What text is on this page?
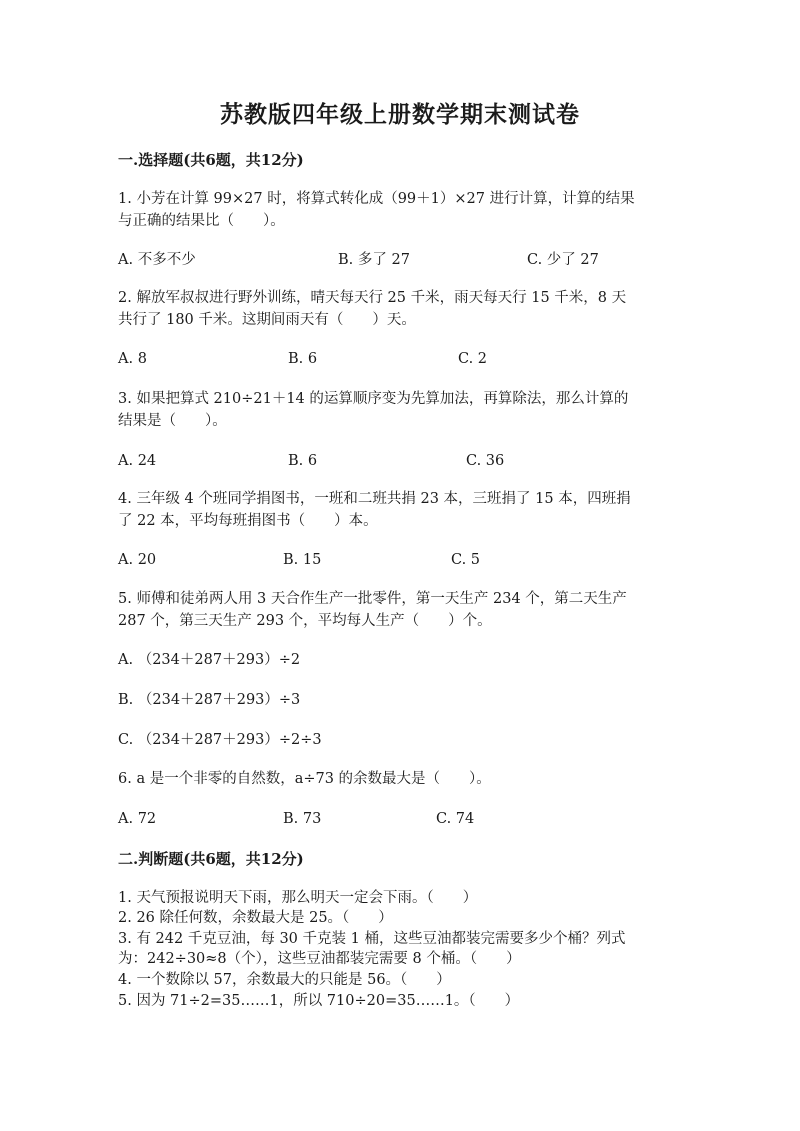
苏教版四年级上册数学期末测试卷
一.选择题(共6题，共12分)
1. 小芳在计算 99×27 时，将算式转化成（99＋1）×27 进行计算，计算的结果
与正确的结果比（　　）。
A. 不多不少	B. 多了 27	C. 少了 27
2. 解放军叔叔进行野外训练，晴天每天行 25 千米，雨天每天行 15 千米，8 天
共行了 180 千米。这期间雨天有（　　）天。
A. 8	B. 6	C. 2
3. 如果把算式 210÷21＋14 的运算顺序变为先算加法，再算除法，那么计算的
结果是（　　）。
A. 24	B. 6	C. 36
4. 三年级 4 个班同学捐图书，一班和二班共捐 23 本，三班捐了 15 本，四班捐
了 22 本，平均每班捐图书（　　）本。
A. 20	B. 15	C. 5
5. 师傅和徒弟两人用 3 天合作生产一批零件，第一天生产 234 个，第二天生产
287 个，第三天生产 293 个，平均每人生产（　　）个。
A. （234＋287＋293）÷2
B. （234＋287＋293）÷3
C. （234＋287＋293）÷2÷3
6. a 是一个非零的自然数，a÷73 的余数最大是（　　）。
A. 72	B. 73	C. 74
二.判断题(共6题，共12分)
1. 天气预报说明天下雨，那么明天一定会下雨。（　　）
2. 26 除任何数，余数最大是 25。（　　）
3. 有 242 千克豆油，每 30 千克装 1 桶，这些豆油都装完需要多少个桶？列式
为：242÷30≈8（个），这些豆油都装完需要 8 个桶。（　　）
4. 一个数除以 57，余数最大的只能是 56。（　　）
5. 因为 71÷2=35……1，所以 710÷20=35……1。（　　）
